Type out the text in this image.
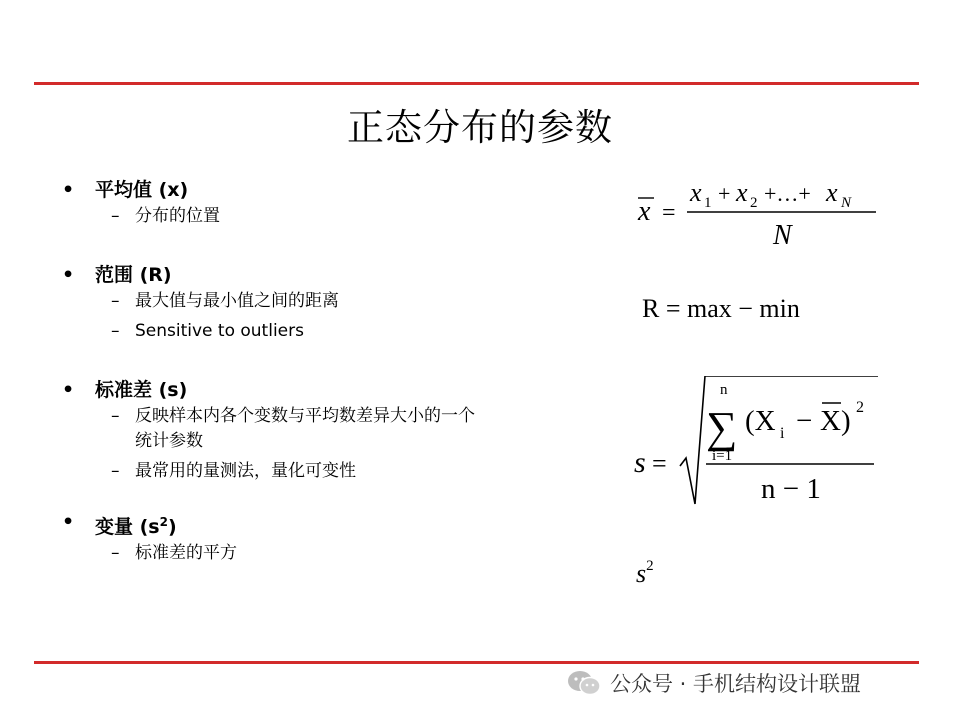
正态分布的参数
•
平均值 (x)
–
分布的位置
•
范围 (R)
–
最大值与最小值之间的距离
–
Sensitive to outliers
•
标准差 (s)
–
反映样本内各个变数与平均数差异大小的一个
统计参数
–
最常用的量测法，量化可变性
•
变量 $(s^2)$
–
标准差的平方
x =
x 1 + x 2 +…+ x N
N
R = max − min
s =
n
∑
i=1
(X i − X) 2
n − 1
$s^2$
公众号 · 手机结构设计联盟
